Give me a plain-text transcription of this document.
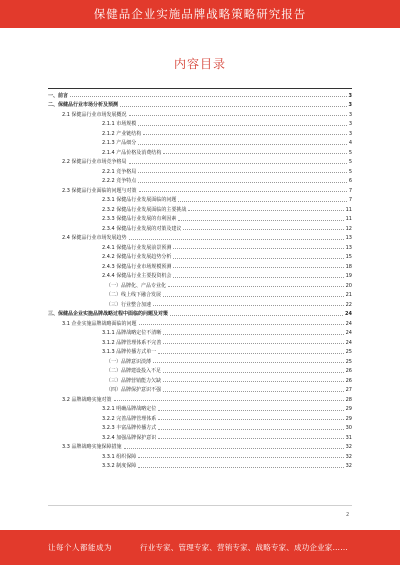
保健品企业实施品牌战略策略研究报告
内容目录
一、前言	3
二、保健品行业市场分析及预测	3
2.1 保健品行业市场发展概况	3
2.1.1 市场规模	3
2.1.2 产业链结构	3
2.1.3 产品细分	4
2.1.4 产品价格及消费结构	5
2.2 保健品行业市场竞争格局	5
2.2.1 竞争格局	5
2.2.2 竞争特点	6
2.3 保健品行业面临的问题与对策	7
2.3.1 保健品行业发展面临的问题	7
2.3.2 保健品行业发展面临的主要挑战	11
2.3.3 保健品行业发展的有利因素	11
2.3.4 保健品行业发展的对策及建议	12
2.4 保健品行业市场发展趋势	13
2.4.1 保健品行业发展前景预测	13
2.4.2 保健品行业发展趋势分析	15
2.4.3 保健品行业市场规模预测	18
2.4.4 保健品行业主要投资机会	19
（一）品牌化、产品专业化	20
（二）线上线下融合发展	21
（三）行业整合加速	22
三、保健品企业实施品牌战略过程中面临的问题及对策	24
3.1 企业实施品牌战略面临的问题	24
3.1.1 品牌战略定位不清晰	24
3.1.2 品牌管理体系不完善	24
3.1.3 品牌传播方式单一	25
（一）品牌意识淡薄	25
（二）品牌建设投入不足	26
（三）品牌营销能力欠缺	26
（四）品牌保护意识不强	27
3.2 品牌战略实施对策	28
3.2.1 明确品牌战略定位	29
3.2.2 完善品牌管理体系	29
3.2.3 丰富品牌传播方式	30
3.2.4 加强品牌保护意识	31
3.3 品牌战略实施保障措施	32
3.3.1 组织保障	32
3.3.2 制度保障	32
2
让每个人都能成为	行业专家、管理专家、营销专家、战略专家、成功企业家……
